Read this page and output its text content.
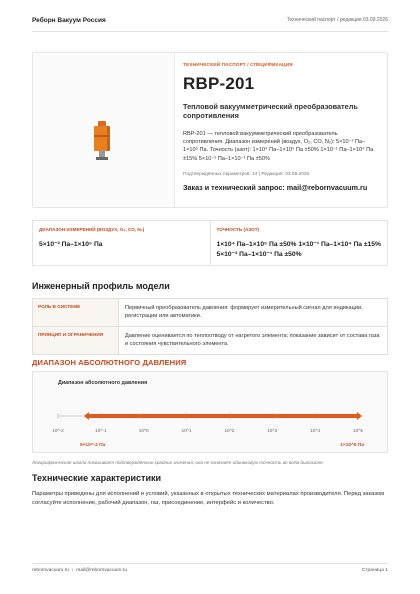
Реборн Вакуум Россия	Технический паспорт / редакция 03.09.2026
ТЕХНИЧЕСКИЙ ПАСПОРТ / СПЕЦИФИКАЦИЯ
RBP-201
Тепловой вакуумметрический преобразователь сопротивления
RBP-201 — тепловой вакуумметрический преобразователь сопротивления. Диапазон измерений (воздух, O₂, CO, N₂): 5×10⁻² Па–1×10⁵ Па. Точность (азот): 1×10⁴ Па–1×10⁵ Па ±50% 1×10⁻¹ Па–1×10⁴ Па ±15% 5×10⁻² Па–1×10⁻¹ Па ±50%
Подтверждённых параметров: 14 | Редакция: 03.09.2026
Заказ и технический запрос: mail@rebornvacuum.ru
ДИАПАЗОН ИЗМЕРЕНИЙ (ВОЗДУХ, O₂, CO, N₂)
5×10⁻² Па–1×10⁵ Па
ТОЧНОСТЬ (АЗОТ)
1×10⁴ Па–1×10⁵ Па ±50% 1×10⁻¹ Па–1×10⁴ Па ±15% 5×10⁻² Па–1×10⁻¹ Па ±50%
Инженерный профиль модели
РОЛЬ В СИСТЕМЕ	Первичный преобразователь давления: формирует измерительный сигнал для индикации, регистрации или автоматики.
ПРИНЦИП И ОГРАНИЧЕНИЯ	Давление оценивается по теплоотводу от нагретого элемента; показание зависит от состава газа и состояния чувствительного элемента.
ДИАПАЗОН АБСОЛЮТНОГО ДАВЛЕНИЯ
Диапазон абсолютного давления
10^-2	10^-1	10^0	10^1	10^2	10^3	10^4	10^5
5×10^-2 Па	1×10^5 Па
Логарифмическая шкала показывает подтверждённые крайние значения; она не означает одинаковую точность во всём диапазоне.
Технические характеристики
Параметры приведены для исполнений и условий, указанных в открытых технических материалах производителя. Перед заказом согласуйте исполнение, рабочий диапазон, газ, присоединение, интерфейс и количество.
rebornvacuum.ru | mail@rebornvacuum.ru	Страница 1
